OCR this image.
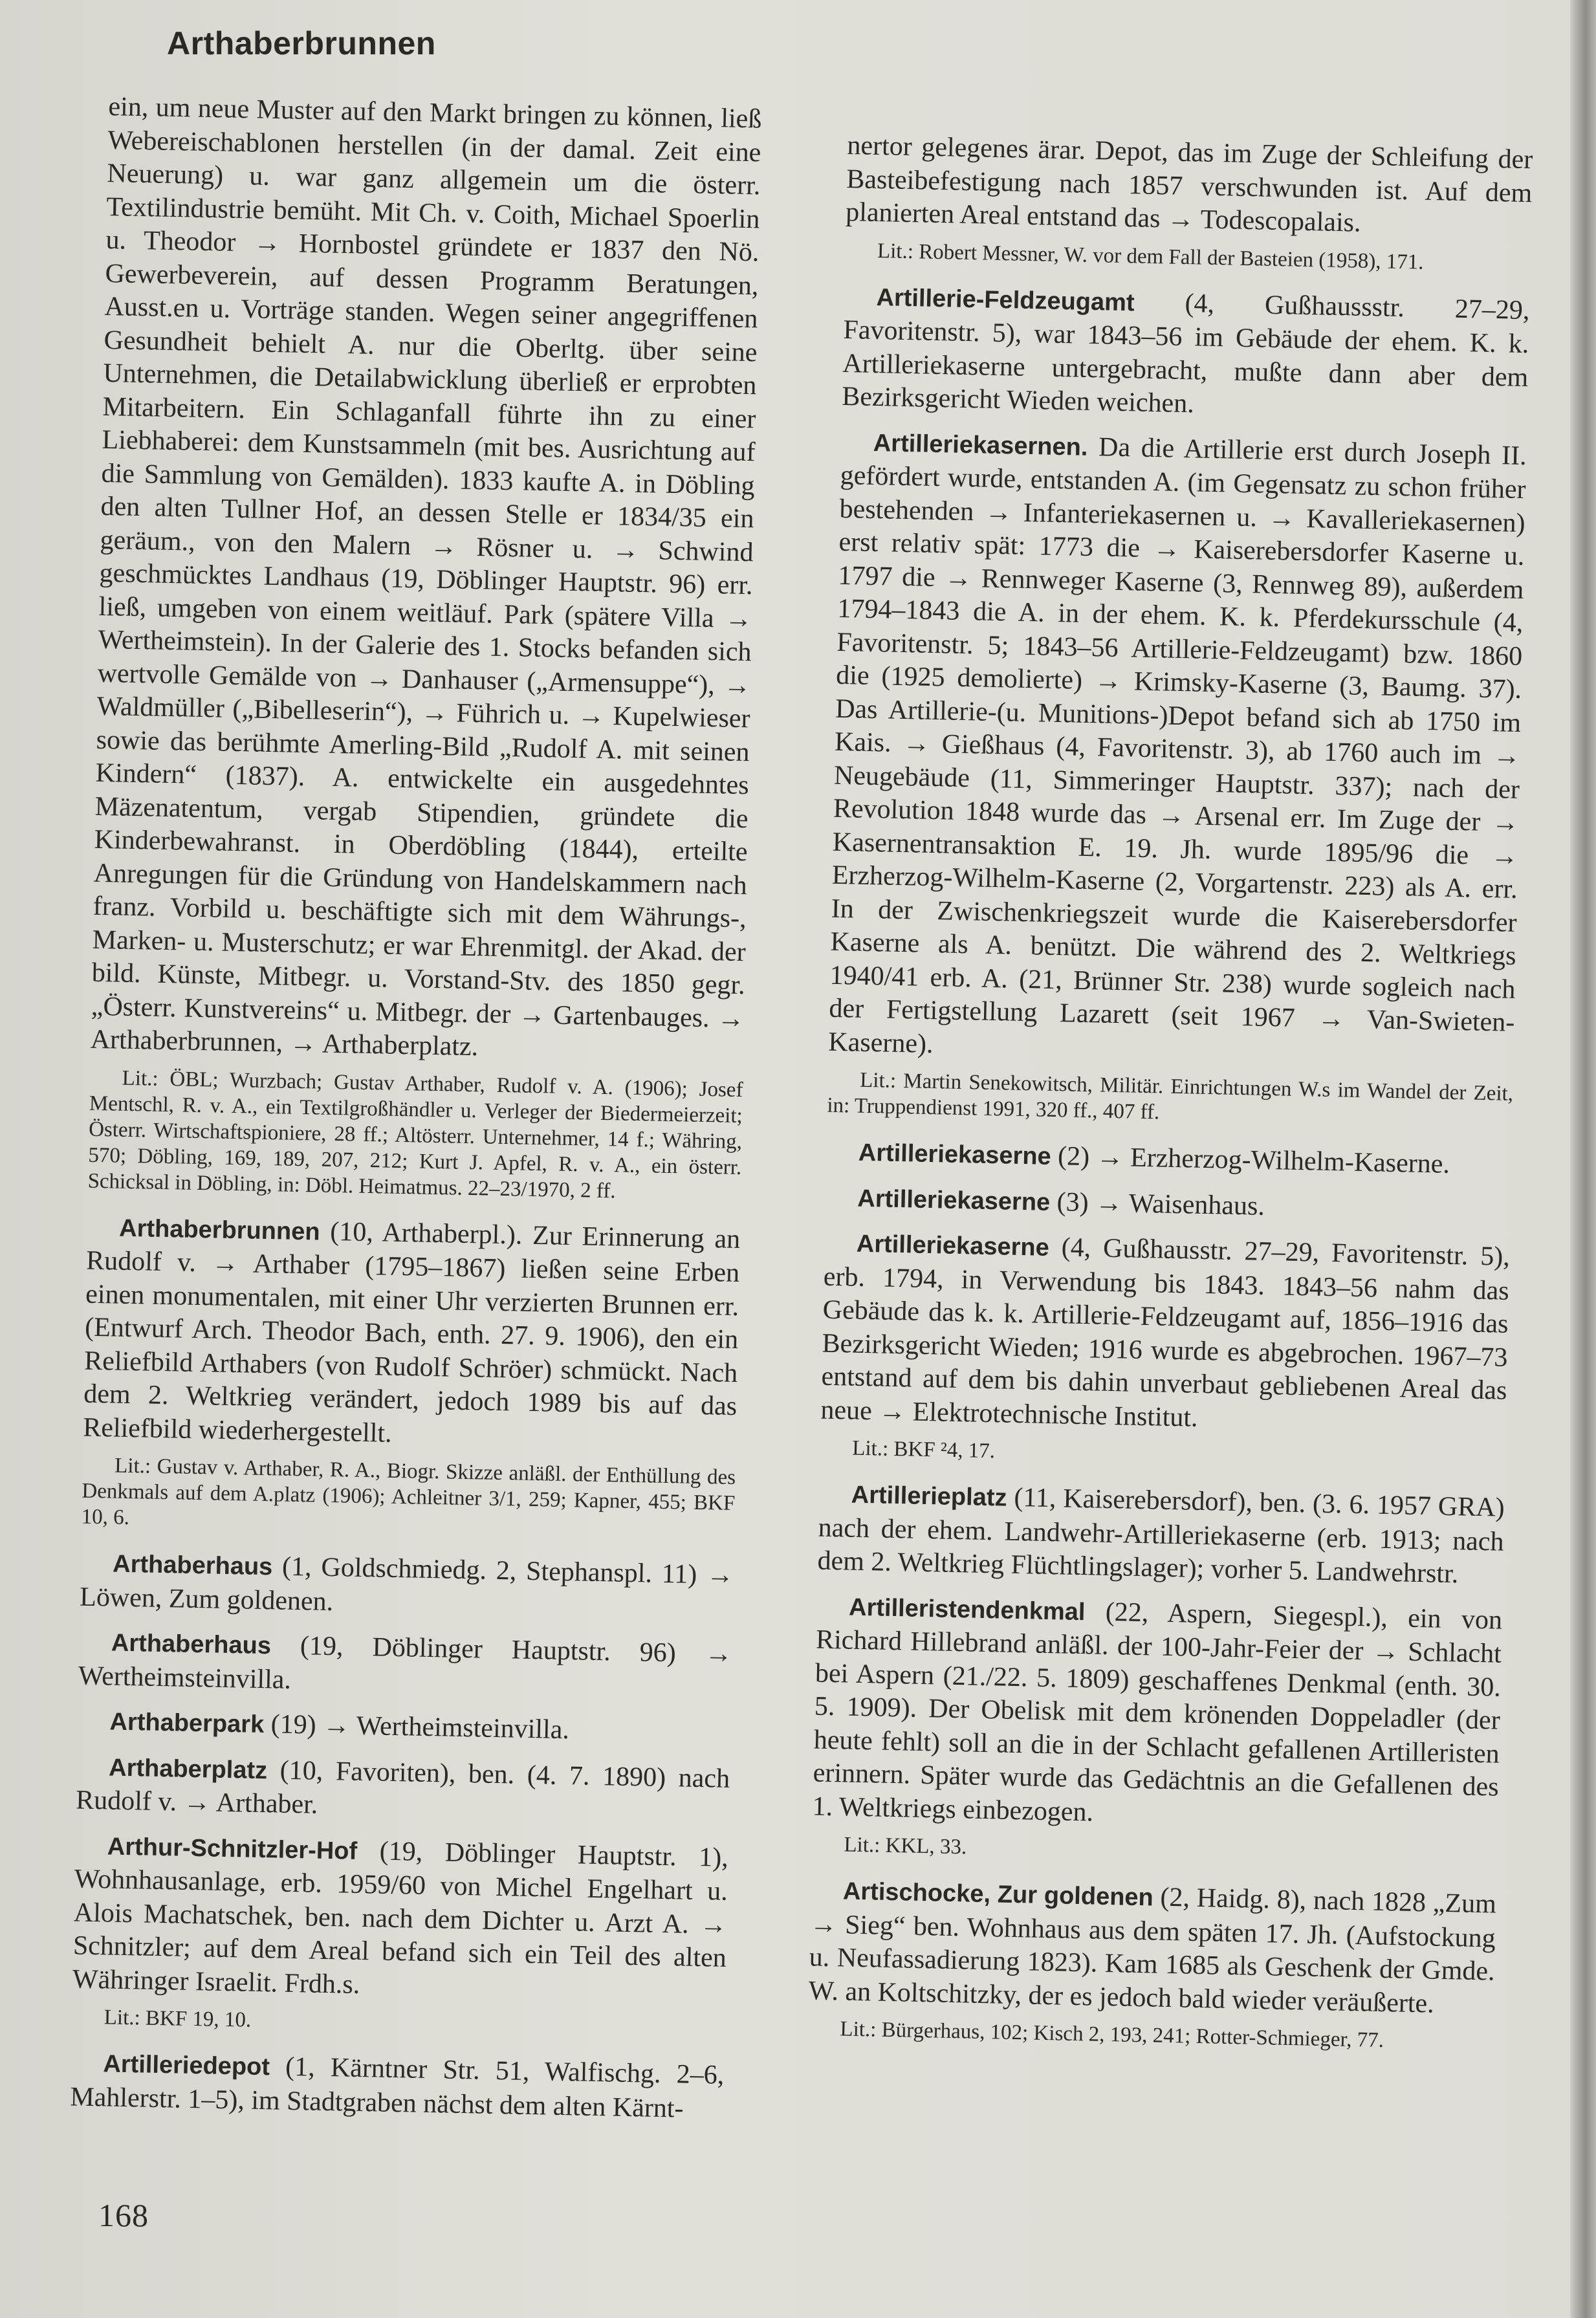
Arthaberbrunnen

ein, um neue Muster auf den Markt bringen zu können, ließ Webereischablonen herstellen (in der damal. Zeit eine Neuerung) u. war ganz allgemein um die österr. Textilindustrie bemüht. Mit Ch. v. Coith, Michael Spoerlin u. Theodor → Hornbostel gründete er 1837 den Nö. Gewerbeverein, auf dessen Programm Beratungen, Ausst.en u. Vorträge standen. Wegen seiner angegriffenen Gesundheit behielt A. nur die Oberltg. über seine Unternehmen, die Detailabwicklung überließ er erprobten Mitarbeitern. Ein Schlaganfall führte ihn zu einer Liebhaberei: dem Kunstsammeln (mit bes. Ausrichtung auf die Sammlung von Gemälden). 1833 kaufte A. in Döbling den alten Tullner Hof, an dessen Stelle er 1834/35 ein geräum., von den Malern → Rösner u. → Schwind geschmücktes Landhaus (19, Döblinger Hauptstr. 96) err. ließ, umgeben von einem weitläuf. Park (spätere Villa → Wertheimstein). In der Galerie des 1. Stocks befanden sich wertvolle Gemälde von → Danhauser („Armensuppe“), → Waldmüller („Bibelleserin“), → Führich u. → Kupelwieser sowie das berühmte Amerling-Bild „Rudolf A. mit seinen Kindern“ (1837). A. entwickelte ein ausgedehntes Mäzenatentum, vergab Stipendien, gründete die Kinderbewahranst. in Oberdöbling (1844), erteilte Anregungen für die Gründung von Handelskammern nach franz. Vorbild u. beschäftigte sich mit dem Währungs-, Marken- u. Musterschutz; er war Ehrenmitgl. der Akad. der bild. Künste, Mitbegr. u. Vorstand-Stv. des 1850 gegr. „Österr. Kunstvereins“ u. Mitbegr. der → Gartenbauges. → Arthaberbrunnen, → Arthaberplatz.

Lit.: ÖBL; Wurzbach; Gustav Arthaber, Rudolf v. A. (1906); Josef Mentschl, R. v. A., ein Textilgroßhändler u. Verleger der Biedermeierzeit; Österr. Wirtschaftspioniere, 28 ff.; Altösterr. Unternehmer, 14 f.; Währing, 570; Döbling, 169, 189, 207, 212; Kurt J. Apfel, R. v. A., ein österr. Schicksal in Döbling, in: Döbl. Heimatmus. 22–23/1970, 2 ff.

Arthaberbrunnen (10, Arthaberpl.). Zur Erinnerung an Rudolf v. → Arthaber (1795–1867) ließen seine Erben einen monumentalen, mit einer Uhr verzierten Brunnen err. (Entwurf Arch. Theodor Bach, enth. 27. 9. 1906), den ein Reliefbild Arthabers (von Rudolf Schröer) schmückt. Nach dem 2. Weltkrieg verändert, jedoch 1989 bis auf das Reliefbild wiederhergestellt.

Lit.: Gustav v. Arthaber, R. A., Biogr. Skizze anläßl. der Enthüllung des Denkmals auf dem A.platz (1906); Achleitner 3/1, 259; Kapner, 455; BKF 10, 6.

Arthaberhaus (1, Goldschmiedg. 2, Stephanspl. 11) → Löwen, Zum goldenen.

Arthaberhaus (19, Döblinger Hauptstr. 96) → Wertheimsteinvilla.

Arthaberpark (19) → Wertheimsteinvilla.

Arthaberplatz (10, Favoriten), ben. (4. 7. 1890) nach Rudolf v. → Arthaber.

Arthur-Schnitzler-Hof (19, Döblinger Hauptstr. 1), Wohnhausanlage, erb. 1959/60 von Michel Engelhart u. Alois Machatschek, ben. nach dem Dichter u. Arzt A. → Schnitzler; auf dem Areal befand sich ein Teil des alten Währinger Israelit. Frdh.s.

Lit.: BKF 19, 10.

Artilleriedepot (1, Kärntner Str. 51, Walfischg. 2–6, Mahlerstr. 1–5), im Stadtgraben nächst dem alten Kärnt-

nertor gelegenes ärar. Depot, das im Zuge der Schleifung der Basteibefestigung nach 1857 verschwunden ist. Auf dem planierten Areal entstand das → Todescopalais.

Lit.: Robert Messner, W. vor dem Fall der Basteien (1958), 171.

Artillerie-Feldzeugamt (4, Gußhaussstr. 27–29, Favoritenstr. 5), war 1843–56 im Gebäude der ehem. K. k. Artilleriekaserne untergebracht, mußte dann aber dem Bezirksgericht Wieden weichen.

Artilleriekasernen. Da die Artillerie erst durch Joseph II. gefördert wurde, entstanden A. (im Gegensatz zu schon früher bestehenden → Infanteriekasernen u. → Kavalleriekasernen) erst relativ spät: 1773 die → Kaiserebersdorfer Kaserne u. 1797 die → Rennweger Kaserne (3, Rennweg 89), außerdem 1794–1843 die A. in der ehem. K. k. Pferdekursschule (4, Favoritenstr. 5; 1843–56 Artillerie-Feldzeugamt) bzw. 1860 die (1925 demolierte) → Krimsky-Kaserne (3, Baumg. 37). Das Artillerie-(u. Munitions-)Depot befand sich ab 1750 im Kais. → Gießhaus (4, Favoritenstr. 3), ab 1760 auch im → Neugebäude (11, Simmeringer Hauptstr. 337); nach der Revolution 1848 wurde das → Arsenal err. Im Zuge der → Kasernentransaktion E. 19. Jh. wurde 1895/96 die → Erzherzog-Wilhelm-Kaserne (2, Vorgartenstr. 223) als A. err. In der Zwischenkriegszeit wurde die Kaiserebersdorfer Kaserne als A. benützt. Die während des 2. Weltkriegs 1940/41 erb. A. (21, Brünner Str. 238) wurde sogleich nach der Fertigstellung Lazarett (seit 1967 → Van-Swieten-Kaserne).

Lit.: Martin Senekowitsch, Militär. Einrichtungen W.s im Wandel der Zeit, in: Truppendienst 1991, 320 ff., 407 ff.

Artilleriekaserne (2) → Erzherzog-Wilhelm-Kaserne.

Artilleriekaserne (3) → Waisenhaus.

Artilleriekaserne (4, Gußhausstr. 27–29, Favoritenstr. 5), erb. 1794, in Verwendung bis 1843. 1843–56 nahm das Gebäude das k. k. Artillerie-Feldzeugamt auf, 1856–1916 das Bezirksgericht Wieden; 1916 wurde es abgebrochen. 1967–73 entstand auf dem bis dahin unverbaut gebliebenen Areal das neue → Elektrotechnische Institut.

Lit.: BKF ²4, 17.

Artillerieplatz (11, Kaiserebersdorf), ben. (3. 6. 1957 GRA) nach der ehem. Landwehr-Artilleriekaserne (erb. 1913; nach dem 2. Weltkrieg Flüchtlingslager); vorher 5. Landwehrstr.

Artilleristendenkmal (22, Aspern, Siegespl.), ein von Richard Hillebrand anläßl. der 100-Jahr-Feier der → Schlacht bei Aspern (21./22. 5. 1809) geschaffenes Denkmal (enth. 30. 5. 1909). Der Obelisk mit dem krönenden Doppeladler (der heute fehlt) soll an die in der Schlacht gefallenen Artilleristen erinnern. Später wurde das Gedächtnis an die Gefallenen des 1. Weltkriegs einbezogen.

Lit.: KKL, 33.

Artischocke, Zur goldenen (2, Haidg. 8), nach 1828 „Zum → Sieg“ ben. Wohnhaus aus dem späten 17. Jh. (Aufstockung u. Neufassadierung 1823). Kam 1685 als Geschenk der Gmde. W. an Koltschitzky, der es jedoch bald wieder veräußerte.

Lit.: Bürgerhaus, 102; Kisch 2, 193, 241; Rotter-Schmieger, 77.

168
